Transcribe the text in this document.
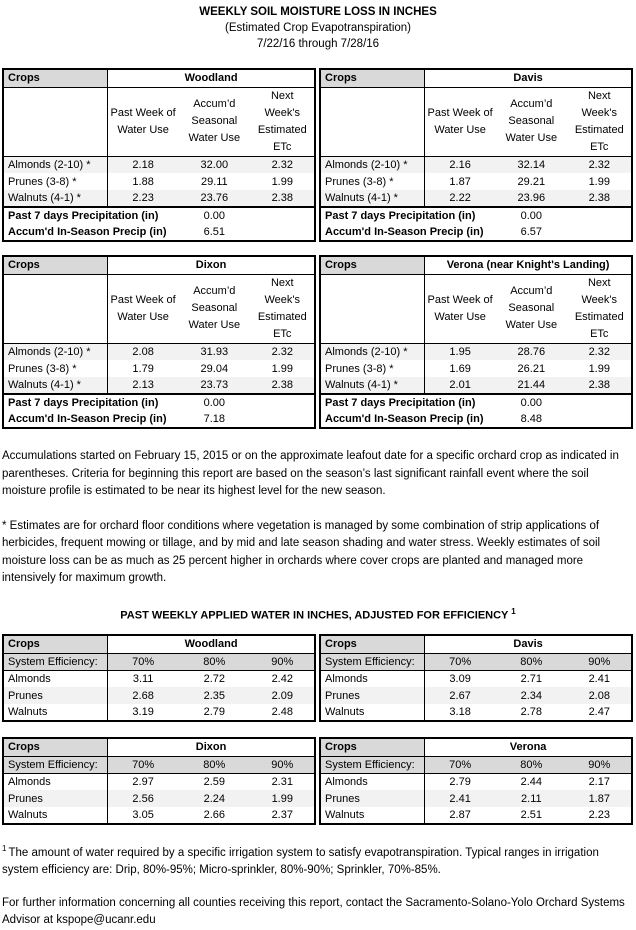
WEEKLY SOIL MOISTURE LOSS IN INCHES
(Estimated Crop Evapotranspiration)
7/22/16 through 7/28/16
Crops	Woodland		
	Past Week of Water Use	Accum’d Seasonal Water Use	Next Week's Estimated ETc
Almonds (2-10) *	2.18	32.00	2.32
Prunes (3-8) *	1.88	29.11	1.99
Walnuts (4-1) *	2.23	23.76	2.38
Past 7 days Precipitation (in)		0.00	
Accum'd In-Season Precip (in)		6.51	
Crops	Davis		
	Past Week of Water Use	Accum’d Seasonal Water Use	Next Week's Estimated ETc
Almonds (2-10) *	2.16	32.14	2.32
Prunes (3-8) *	1.87	29.21	1.99
Walnuts (4-1) *	2.22	23.96	2.38
Past 7 days Precipitation (in)		0.00	
Accum'd In-Season Precip (in)		6.57	
Crops	Dixon		
	Past Week of Water Use	Accum’d Seasonal Water Use	Next Week's Estimated ETc
Almonds (2-10) *	2.08	31.93	2.32
Prunes (3-8) *	1.79	29.04	1.99
Walnuts (4-1) *	2.13	23.73	2.38
Past 7 days Precipitation (in)		0.00	
Accum'd In-Season Precip (in)		7.18	
Crops	Verona (near Knight's Landing)		
	Past Week of Water Use	Accum’d Seasonal Water Use	Next Week's Estimated ETc
Almonds (2-10) *	1.95	28.76	2.32
Prunes (3-8) *	1.69	26.21	1.99
Walnuts (4-1) *	2.01	21.44	2.38
Past 7 days Precipitation (in)		0.00	
Accum'd In-Season Precip (in)		8.48	

Accumulations started on February 15, 2015 or on the approximate leafout date for a specific orchard crop as indicated in parentheses. Criteria for beginning this report are based on the season’s last significant rainfall event where the soil moisture profile is estimated to be near its highest level for the new season.

* Estimates are for orchard floor conditions where vegetation is managed by some combination of strip applications of herbicides, frequent mowing or tillage, and by mid and late season shading and water stress. Weekly estimates of soil moisture loss can be as much as 25 percent higher in orchards where cover crops are planted and managed more intensively for maximum growth.

PAST WEEKLY APPLIED WATER IN INCHES, ADJUSTED FOR EFFICIENCY $^1$
Crops	Woodland		
System Efficiency:	70%	80%	90%
Almonds	3.11	2.72	2.42
Prunes	2.68	2.35	2.09
Walnuts	3.19	2.79	2.48
Crops	Davis		
System Efficiency:	70%	80%	90%
Almonds	3.09	2.71	2.41
Prunes	2.67	2.34	2.08
Walnuts	3.18	2.78	2.47
Crops	Dixon		
System Efficiency:	70%	80%	90%
Almonds	2.97	2.59	2.31
Prunes	2.56	2.24	1.99
Walnuts	3.05	2.66	2.37
Crops	Verona		
System Efficiency:	70%	80%	90%
Almonds	2.79	2.44	2.17
Prunes	2.41	2.11	1.87
Walnuts	2.87	2.51	2.23

$^1$ The amount of water required by a specific irrigation system to satisfy evapotranspiration. Typical ranges in irrigation system efficiency are: Drip, 80%-95%; Micro-sprinkler, 80%-90%; Sprinkler, 70%-85%.

For further information concerning all counties receiving this report, contact the Sacramento-Solano-Yolo Orchard Systems Advisor at kspope@ucanr.edu
